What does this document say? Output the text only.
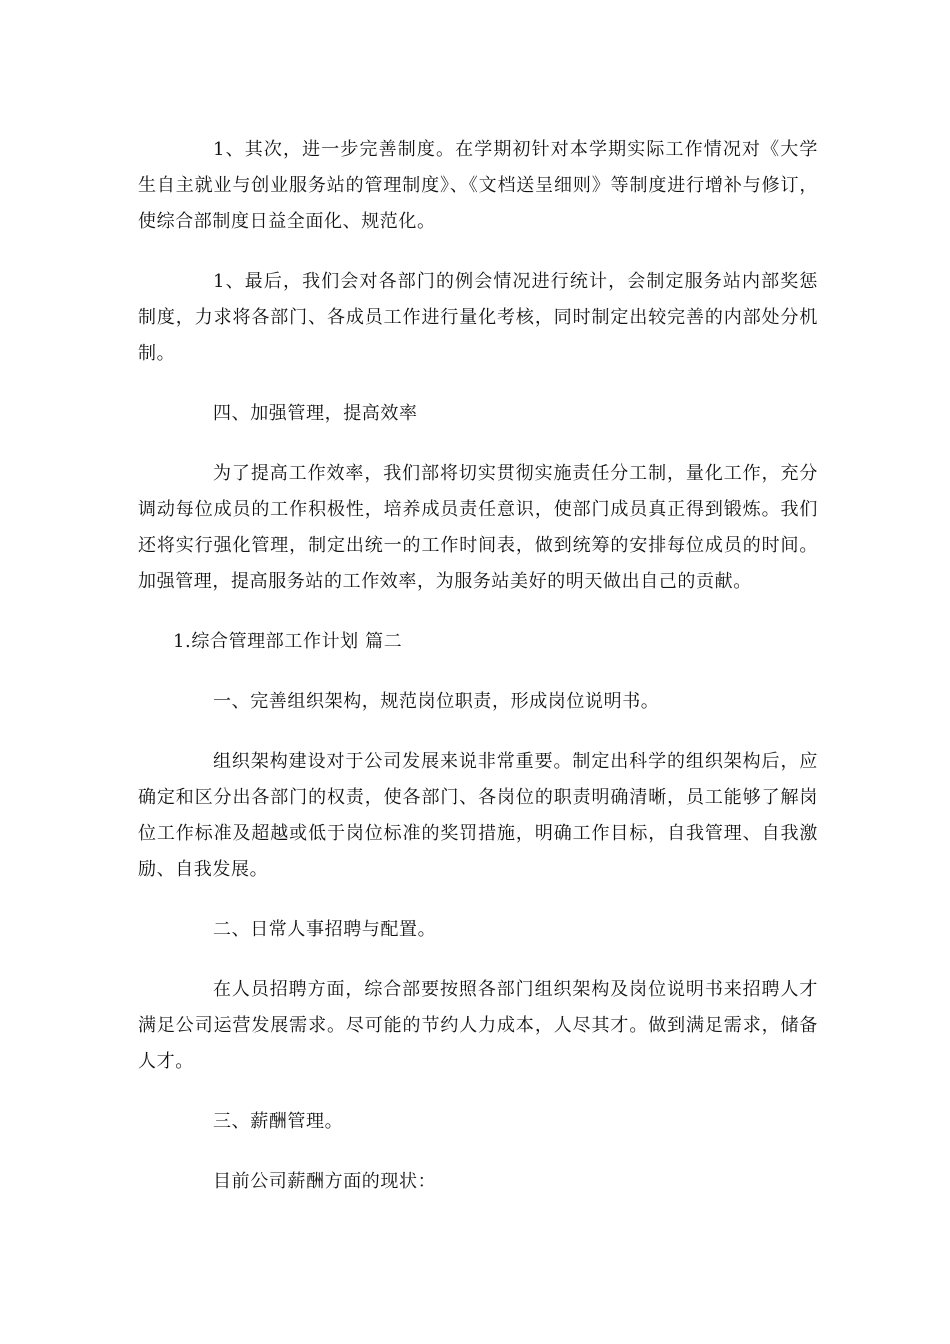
1、其次，进一步完善制度。在学期初针对本学期实际工作情况对《大学生自主就业与创业服务站的管理制度》、《文档送呈细则》等制度进行增补与修订，使综合部制度日益全面化、规范化。

1、最后，我们会对各部门的例会情况进行统计，会制定服务站内部奖惩制度，力求将各部门、各成员工作进行量化考核，同时制定出较完善的内部处分机制。

四、加强管理，提高效率

为了提高工作效率，我们部将切实贯彻实施责任分工制，量化工作，充分调动每位成员的工作积极性，培养成员责任意识，使部门成员真正得到锻炼。我们还将实行强化管理，制定出统一的工作时间表，做到统筹的安排每位成员的时间。加强管理，提高服务站的工作效率，为服务站美好的明天做出自己的贡献。

1.综合管理部工作计划 篇二

一、完善组织架构，规范岗位职责，形成岗位说明书。

组织架构建设对于公司发展来说非常重要。制定出科学的组织架构后，应确定和区分出各部门的权责，使各部门、各岗位的职责明确清晰，员工能够了解岗位工作标准及超越或低于岗位标准的奖罚措施，明确工作目标，自我管理、自我激励、自我发展。

二、日常人事招聘与配置。

在人员招聘方面，综合部要按照各部门组织架构及岗位说明书来招聘人才满足公司运营发展需求。尽可能的节约人力成本，人尽其才。做到满足需求，储备人才。

三、薪酬管理。

目前公司薪酬方面的现状：
